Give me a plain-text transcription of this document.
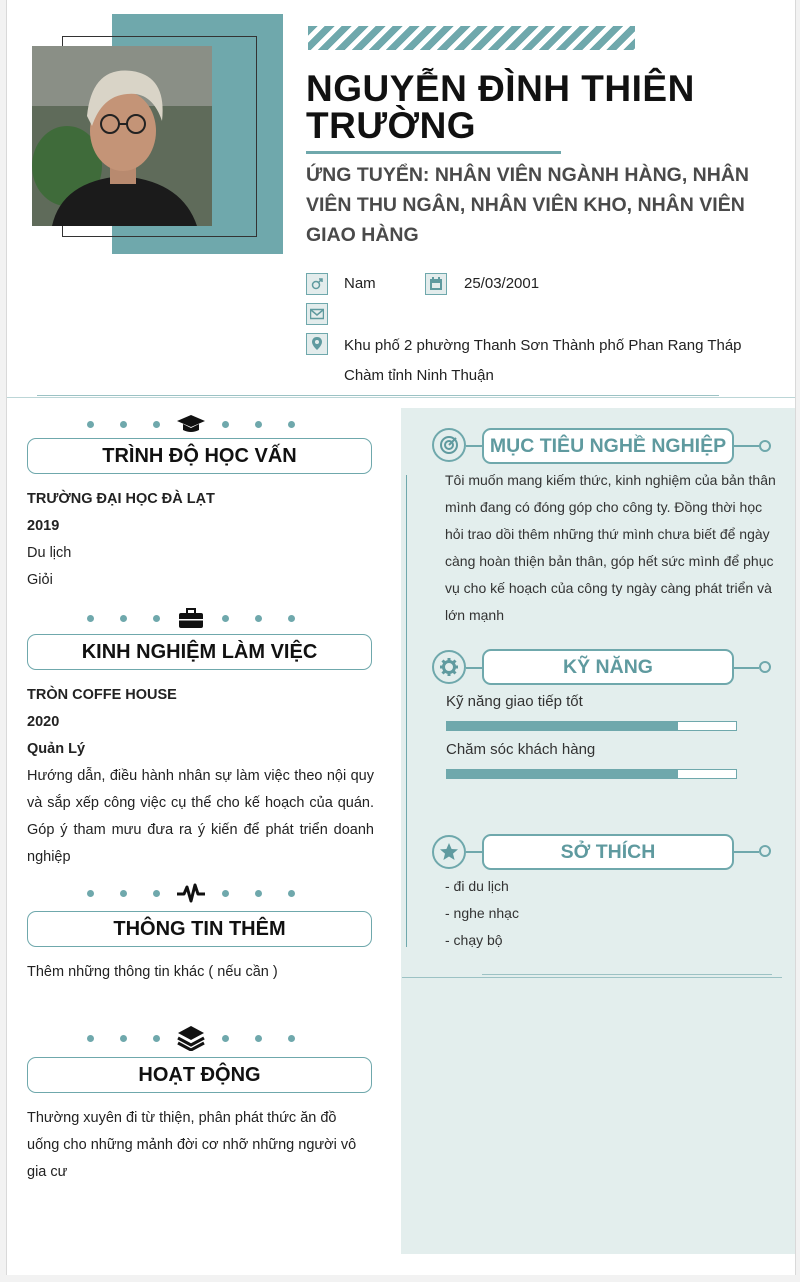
NGUYỄN ĐÌNH THIÊN TRƯỜNG
ỨNG TUYỂN: NHÂN VIÊN NGÀNH HÀNG, NHÂN VIÊN THU NGÂN, NHÂN VIÊN KHO, NHÂN VIÊN GIAO HÀNG
Nam	25/03/2001
Khu phố 2 phường Thanh Sơn Thành phố Phan Rang Tháp Chàm tỉnh Ninh Thuận
TRÌNH ĐỘ HỌC VẤN
TRƯỜNG ĐẠI HỌC ĐÀ LẠT
2019
Du lịch
Giỏi
KINH NGHIỆM LÀM VIỆC
TRÒN COFFE HOUSE
2020
Quản Lý
Hướng dẫn, điều hành nhân sự làm việc theo nội quy và sắp xếp công việc cụ thể cho kế hoạch của quán. Góp ý tham mưu đưa ra ý kiến để phát triển doanh nghiệp
THÔNG TIN THÊM
Thêm những thông tin khác ( nếu cần )
HOẠT ĐỘNG
Thường xuyên đi từ thiện, phân phát thức ăn đồ uống cho những mảnh đời cơ nhỡ những người vô gia cư
MỤC TIÊU NGHỀ NGHIỆP
Tôi muốn mang kiếm thức, kinh nghiệm của bản thân mình đang có đóng góp cho công ty. Đồng thời học hỏi trao dồi thêm những thứ mình chưa biết để ngày càng hoàn thiện bản thân, góp hết sức mình để phục vụ cho kế hoạch của công ty ngày càng phát triển và lớn mạnh
KỸ NĂNG
Kỹ năng giao tiếp tốt
Chăm sóc khách hàng
SỞ THÍCH
- đi du lịch
- nghe nhạc
- chạy bộ
